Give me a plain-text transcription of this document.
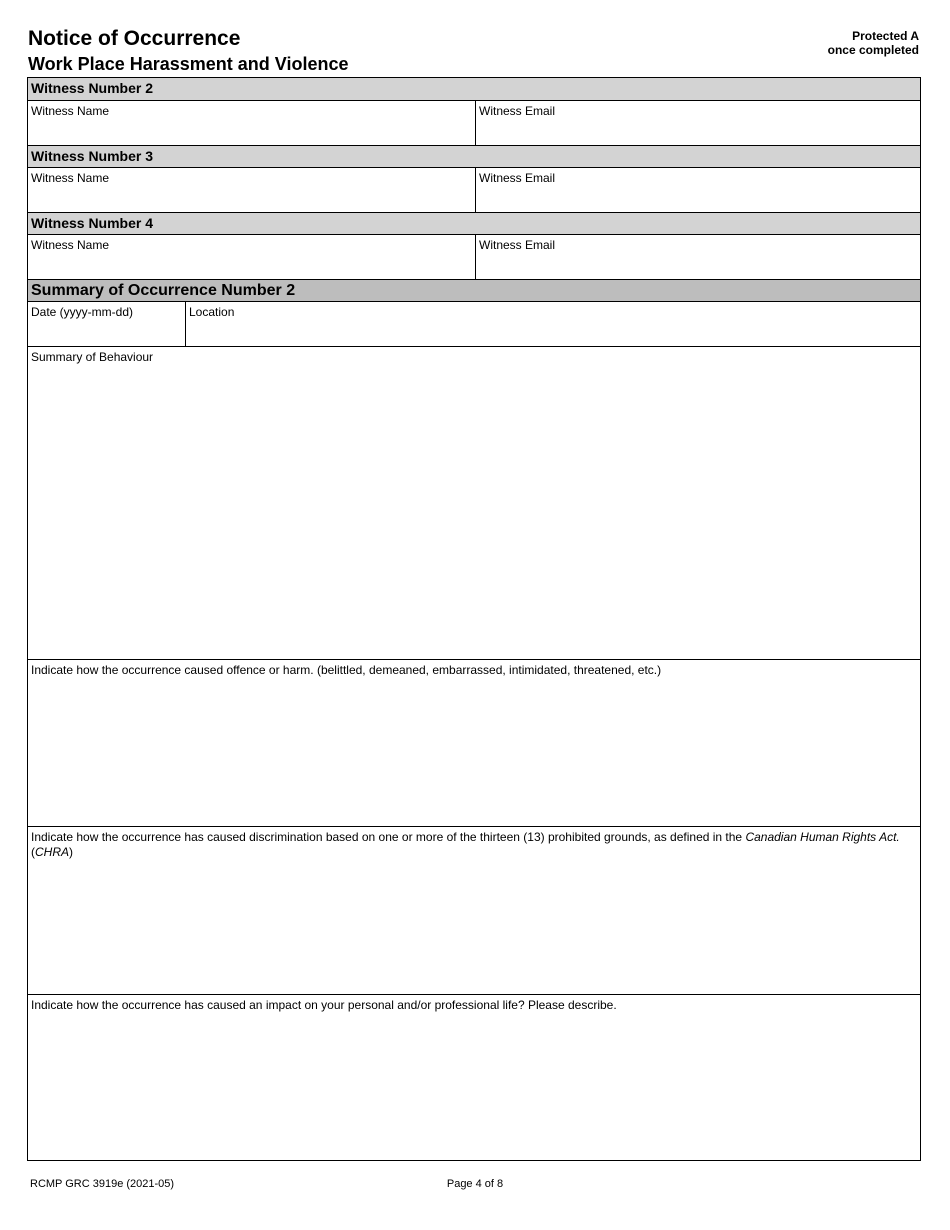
Notice of Occurrence
Work Place Harassment and Violence
Protected A
once completed
Witness Number 2
Witness Name	Witness Email
Witness Number 3
Witness Name	Witness Email
Witness Number 4
Witness Name	Witness Email
Summary of Occurrence Number 2
Date (yyyy-mm-dd)	Location
Summary of Behaviour
Indicate how the occurrence caused offence or harm. (belittled, demeaned, embarrassed, intimidated, threatened, etc.)
Indicate how the occurrence has caused discrimination based on one or more of the thirteen (13) prohibited grounds, as defined in the Canadian Human Rights Act. (CHRA)
Indicate how the occurrence has caused an impact on your personal and/or professional life? Please describe.
RCMP GRC 3919e (2021-05)	Page 4 of 8
